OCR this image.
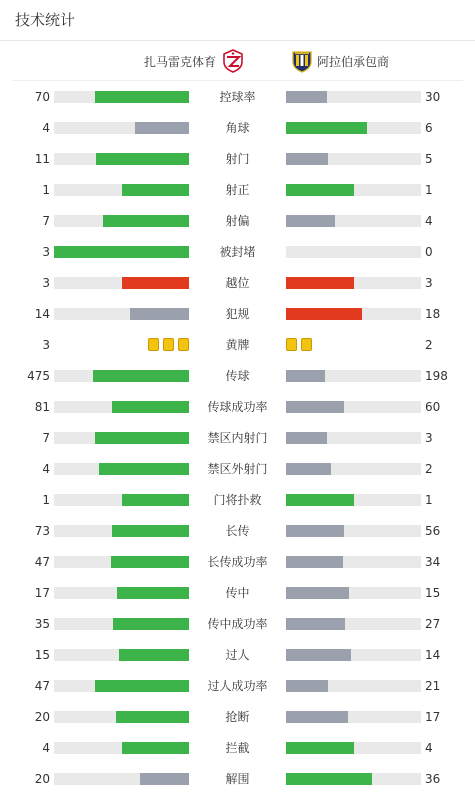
技术统计
扎马雷克体育	阿拉伯承包商
70	控球率	30
4	角球	6
11	射门	5
1	射正	1
7	射偏	4
3	被封堵	0
3	越位	3
14	犯规	18
3	黄牌	2
475	传球	198
81	传球成功率	60
7	禁区内射门	3
4	禁区外射门	2
1	门将扑救	1
73	长传	56
47	长传成功率	34
17	传中	15
35	传中成功率	27
15	过人	14
47	过人成功率	21
20	抢断	17
4	拦截	4
20	解围	36
